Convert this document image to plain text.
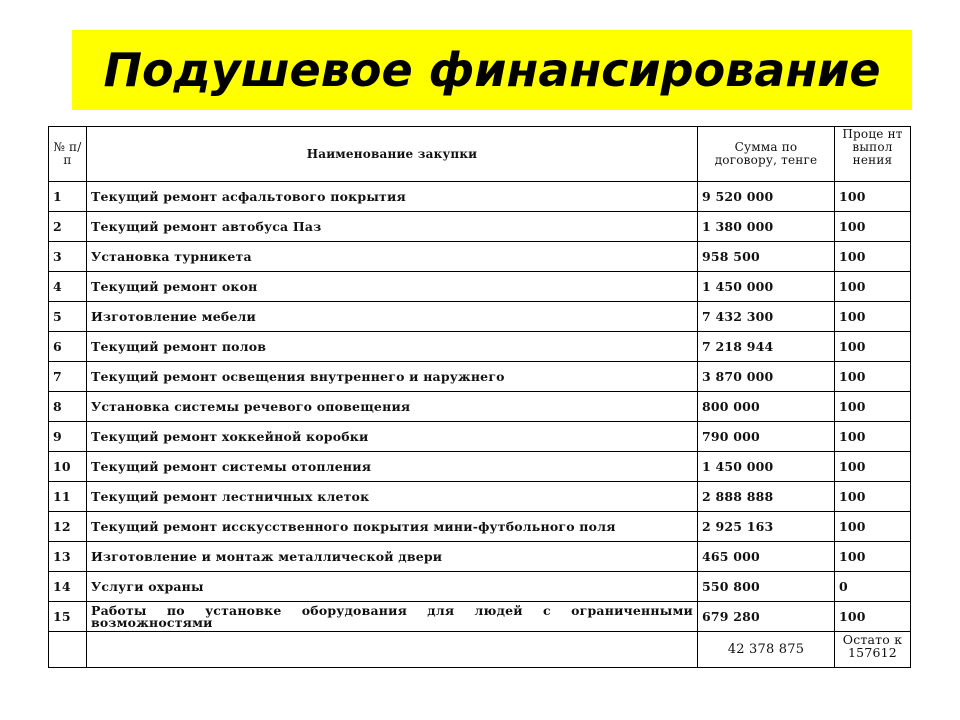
Подушевое финансирование
№ п/п	Наименование закупки	Сумма по договору, тенге	Проце нт выпол нения
1	Текущий ремонт асфальтового покрытия	9 520 000	100
2	Текущий ремонт автобуса Паз	1 380 000	100
3	Установка турникета	958 500	100
4	Текущий ремонт окон	1 450 000	100
5	Изготовление мебели	7 432 300	100
6	Текущий ремонт полов	7 218 944	100
7	Текущий ремонт освещения внутреннего и наружнего	3 870 000	100
8	Установка системы речевого оповещения	800 000	100
9	Текущий ремонт хоккейной коробки	790 000	100
10	Текущий ремонт системы отопления	1 450 000	100
11	Текущий ремонт лестничных клеток	2 888 888	100
12	Текущий ремонт исскусственного покрытия мини-футбольного поля	2 925 163	100
13	Изготовление и монтаж металлической двери	465 000	100
14	Услуги охраны	550 800	0
15	Работы по установке оборудования для людей с ограниченными возможностями	679 280	100
		42 378 875	Остато к 157612
